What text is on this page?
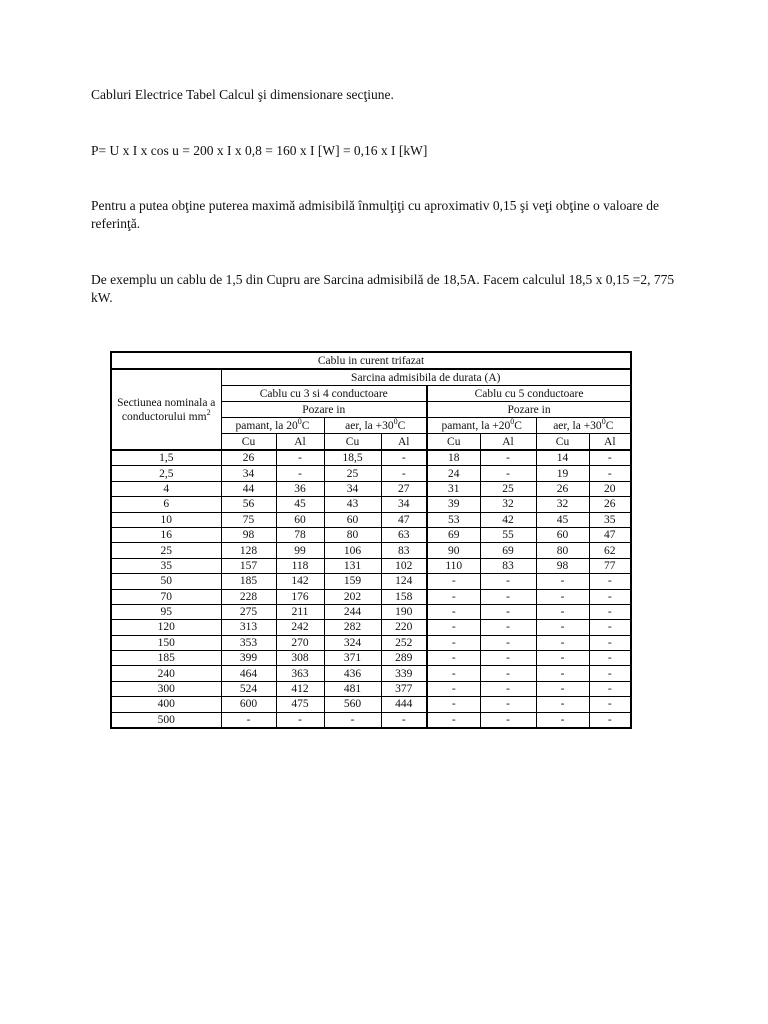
Cabluri Electrice Tabel Calcul şi dimensionare secţiune.

P= U x I x cos u = 200 x I x 0,8 = 160 x I [W] = 0,16 x I [kW]

Pentru a putea obţine puterea maximă admisibilă înmulţiţi cu aproximativ 0,15 şi veţi obţine o valoare de referinţă.

De exemplu un cablu de 1,5 din Cupru are Sarcina admisibilă de 18,5A. Facem calculul 18,5 x 0,15 =2, 775 kW.

Cablu in curent trifazat								
Sectiunea nominala a conductorului $mm^2$	Sarcina admisibila de durata (A)							
	Cablu cu 3 si 4 conductoare				Cablu cu 5 conductoare			
	Pozare in				Pozare in			
	pamant, la $20^0C$		aer, la $+30^0C$		pamant, la $+20^0C$		aer, la $+30^0C$	
	Cu	Al	Cu	Al	Cu	Al	Cu	Al
1,5	26	-	18,5	-	18	-	14	-
2,5	34	-	25	-	24	-	19	-
4	44	36	34	27	31	25	26	20
6	56	45	43	34	39	32	32	26
10	75	60	60	47	53	42	45	35
16	98	78	80	63	69	55	60	47
25	128	99	106	83	90	69	80	62
35	157	118	131	102	110	83	98	77
50	185	142	159	124	-	-	-	-
70	228	176	202	158	-	-	-	-
95	275	211	244	190	-	-	-	-
120	313	242	282	220	-	-	-	-
150	353	270	324	252	-	-	-	-
185	399	308	371	289	-	-	-	-
240	464	363	436	339	-	-	-	-
300	524	412	481	377	-	-	-	-
400	600	475	560	444	-	-	-	-
500	-	-	-	-	-	-	-	-
